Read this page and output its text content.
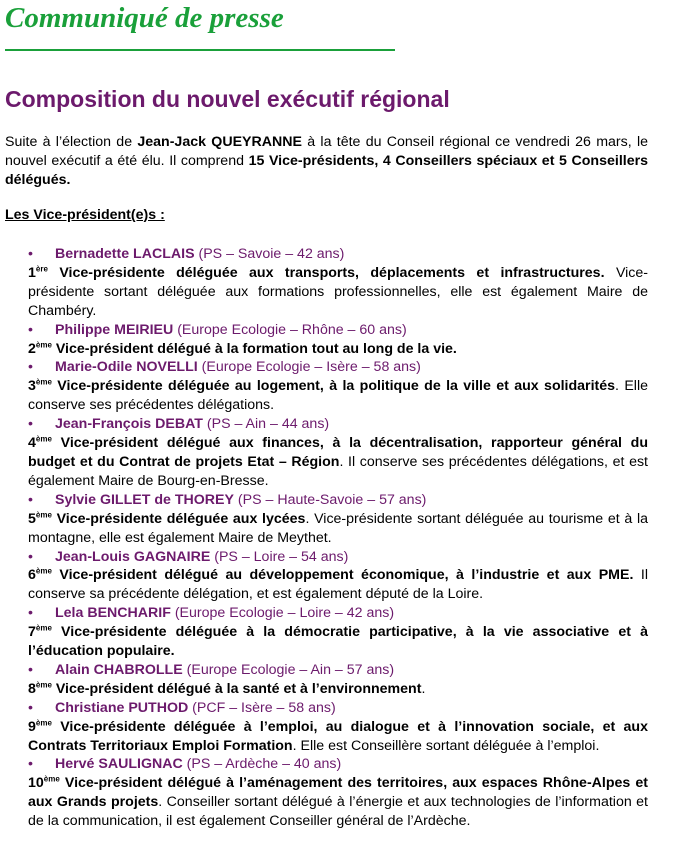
Communiqué de presse
Composition du nouvel exécutif régional

Suite à l’élection de Jean-Jack QUEYRANNE à la tête du Conseil régional ce vendredi 26 mars, le nouvel exécutif a été élu. Il comprend 15 Vice-présidents, 4 Conseillers spéciaux et 5 Conseillers délégués.

Les Vice-président(e)s :
• Bernadette LACLAIS (PS – Savoie – 42 ans)
1ère Vice-présidente déléguée aux transports, déplacements et infrastructures. Vice-présidente sortant déléguée aux formations professionnelles, elle est également Maire de Chambéry.
• Philippe MEIRIEU (Europe Ecologie – Rhône – 60 ans)
2ème Vice-président délégué à la formation tout au long de la vie.
• Marie-Odile NOVELLI (Europe Ecologie – Isère – 58 ans)
3ème Vice-présidente déléguée au logement, à la politique de la ville et aux solidarités. Elle conserve ses précédentes délégations.
• Jean-François DEBAT (PS – Ain – 44 ans)
4ème Vice-président délégué aux finances, à la décentralisation, rapporteur général du budget et du Contrat de projets Etat – Région. Il conserve ses précédentes délégations, et est également Maire de Bourg-en-Bresse.
• Sylvie GILLET de THOREY (PS – Haute-Savoie – 57 ans)
5ème Vice-présidente déléguée aux lycées. Vice-présidente sortant déléguée au tourisme et à la montagne, elle est également Maire de Meythet.
• Jean-Louis GAGNAIRE (PS – Loire – 54 ans)
6ème Vice-président délégué au développement économique, à l’industrie et aux PME. Il conserve sa précédente délégation, et est également député de la Loire.
• Lela BENCHARIF (Europe Ecologie – Loire – 42 ans)
7ème Vice-présidente déléguée à la démocratie participative, à la vie associative et à l’éducation populaire.
• Alain CHABROLLE (Europe Ecologie – Ain – 57 ans)
8ème Vice-président délégué à la santé et à l’environnement.
• Christiane PUTHOD (PCF – Isère – 58 ans)
9ème Vice-présidente déléguée à l’emploi, au dialogue et à l’innovation sociale, et aux Contrats Territoriaux Emploi Formation. Elle est Conseillère sortant déléguée à l’emploi.
• Hervé SAULIGNAC (PS – Ardèche – 40 ans)
10ème Vice-président délégué à l’aménagement des territoires, aux espaces Rhône-Alpes et aux Grands projets. Conseiller sortant délégué à l’énergie et aux technologies de l’information et de la communication, il est également Conseiller général de l’Ardèche.
